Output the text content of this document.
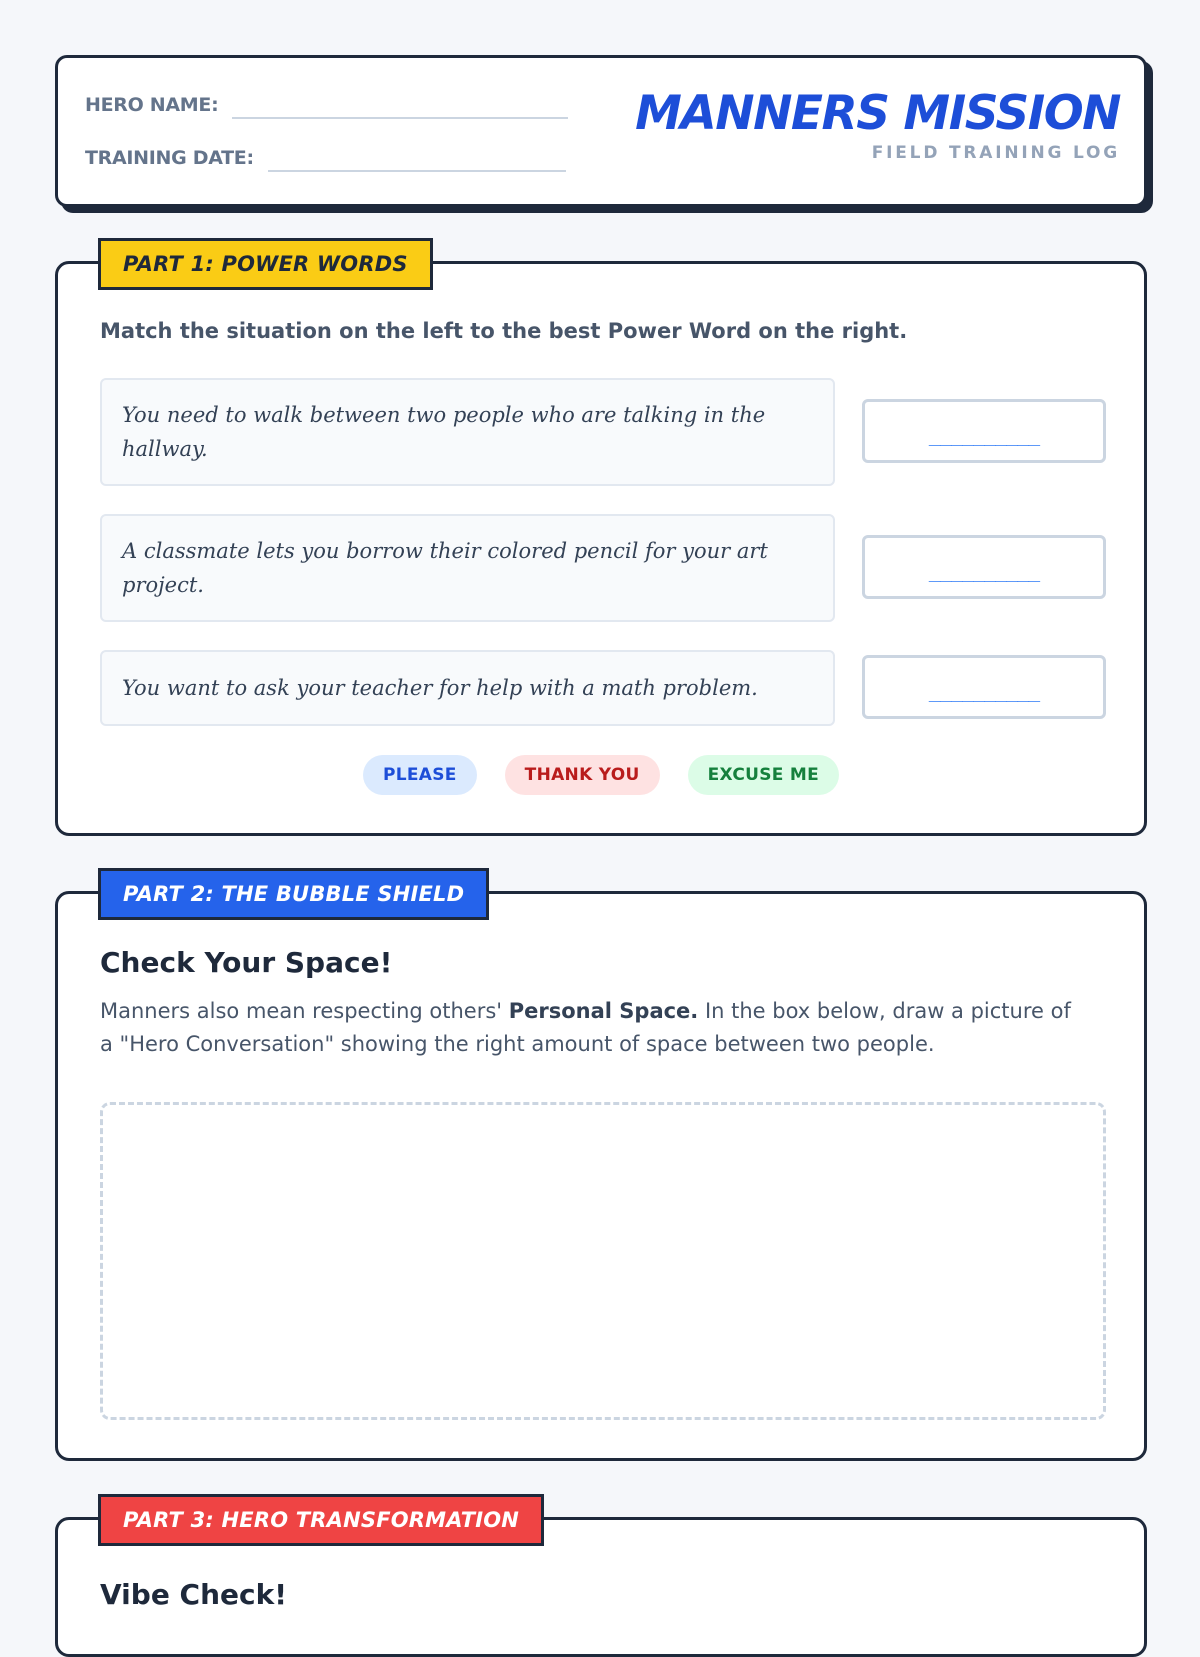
HERO NAME:
TRAINING DATE:
MANNERS MISSION
FIELD TRAINING LOG
PART 1: POWER WORDS
Match the situation on the left to the best Power Word on the right.
You need to walk between two people who are talking in the hallway.
__________
A classmate lets you borrow their colored pencil for your art project.
__________
You want to ask your teacher for help with a math problem.	__________
PLEASE	THANK YOU	EXCUSE ME
PART 2: THE BUBBLE SHIELD
Check Your Space!
Manners also mean respecting others' Personal Space. In the box below, draw a picture of a "Hero Conversation" showing the right amount of space between two people.
PART 3: HERO TRANSFORMATION
Vibe Check!
